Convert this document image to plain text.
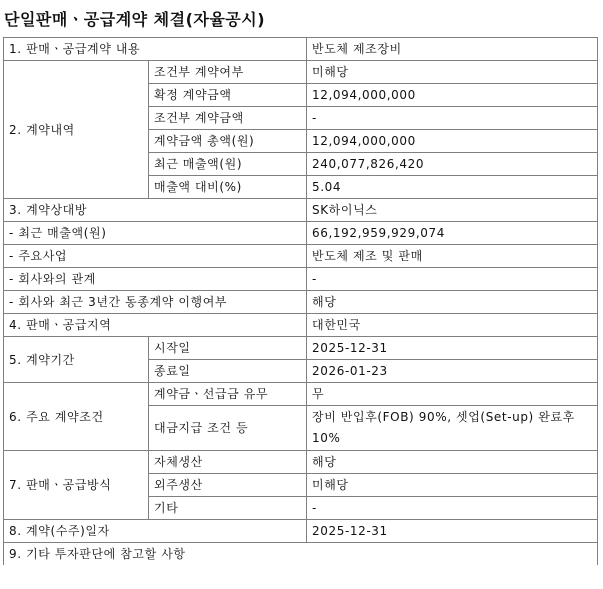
단일판매ㆍ공급계약 체결(자율공시)
1. 판매ㆍ공급계약 내용		반도체 제조장비
2. 계약내역	조건부 계약여부	미해당
	확정 계약금액	12,094,000,000
	조건부 계약금액	-
	계약금액 총액(원)	12,094,000,000
	최근 매출액(원)	240,077,826,420
	매출액 대비(%)	5.04
3. 계약상대방		SK하이닉스
- 최근 매출액(원)		66,192,959,929,074
- 주요사업		반도체 제조 및 판매
- 회사와의 관계		-
- 회사와 최근 3년간 동종계약 이행여부		해당
4. 판매ㆍ공급지역		대한민국
5. 계약기간	시작일	2025-12-31
	종료일	2026-01-23
6. 주요 계약조건	계약금ㆍ선급금 유무	무
	대금지급 조건 등	장비 반입후(FOB) 90%, 셋업(Set-up) 완료후 10%
7. 판매ㆍ공급방식	자체생산	해당
	외주생산	미해당
	기타	-
8. 계약(수주)일자		2025-12-31
9. 기타 투자판단에 참고할 사항		
